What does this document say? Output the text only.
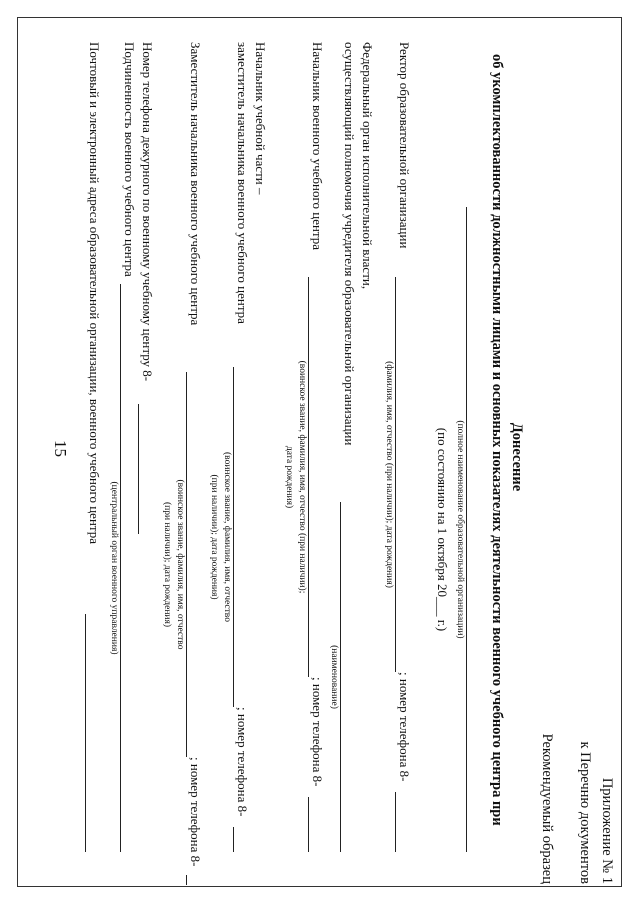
15
Приложение № 1
к Перечню документов
Рекомендуемый образец
Донесение
об укомплектованности должностными лицами и основных показателях деятельности военного учебного центра при
(полное наименование образовательной организации)
(по состоянию на 1 октября 20___ г.)
Ректор образовательной организации
; номер телефона 8-
(фамилия, имя, отчество (при наличии); дата рождения)
Федеральный орган исполнительной власти,
осуществляющий полномочия учредителя образовательной организации
(наименование)
Начальник военного учебного центра
; номер телефона 8-
(воинское звание, фамилия, имя, отчество (при наличии);
дата рождения)
Начальник учебной части –
заместитель начальника военного учебного центра
; номер телефона 8-
(воинское звание, фамилия, имя, отчество
(при наличии); дата рождения)
Заместитель начальника военного учебного центра
; номер телефона 8-
(воинское звание, фамилия, имя, отчество
(при наличии); дата рождения)
Номер телефона дежурного по военному учебному центру 8-
Подчиненность военного учебного центра
(центральный орган военного управления)
Почтовый и электронный адреса образовательной организации, военного учебного центра
